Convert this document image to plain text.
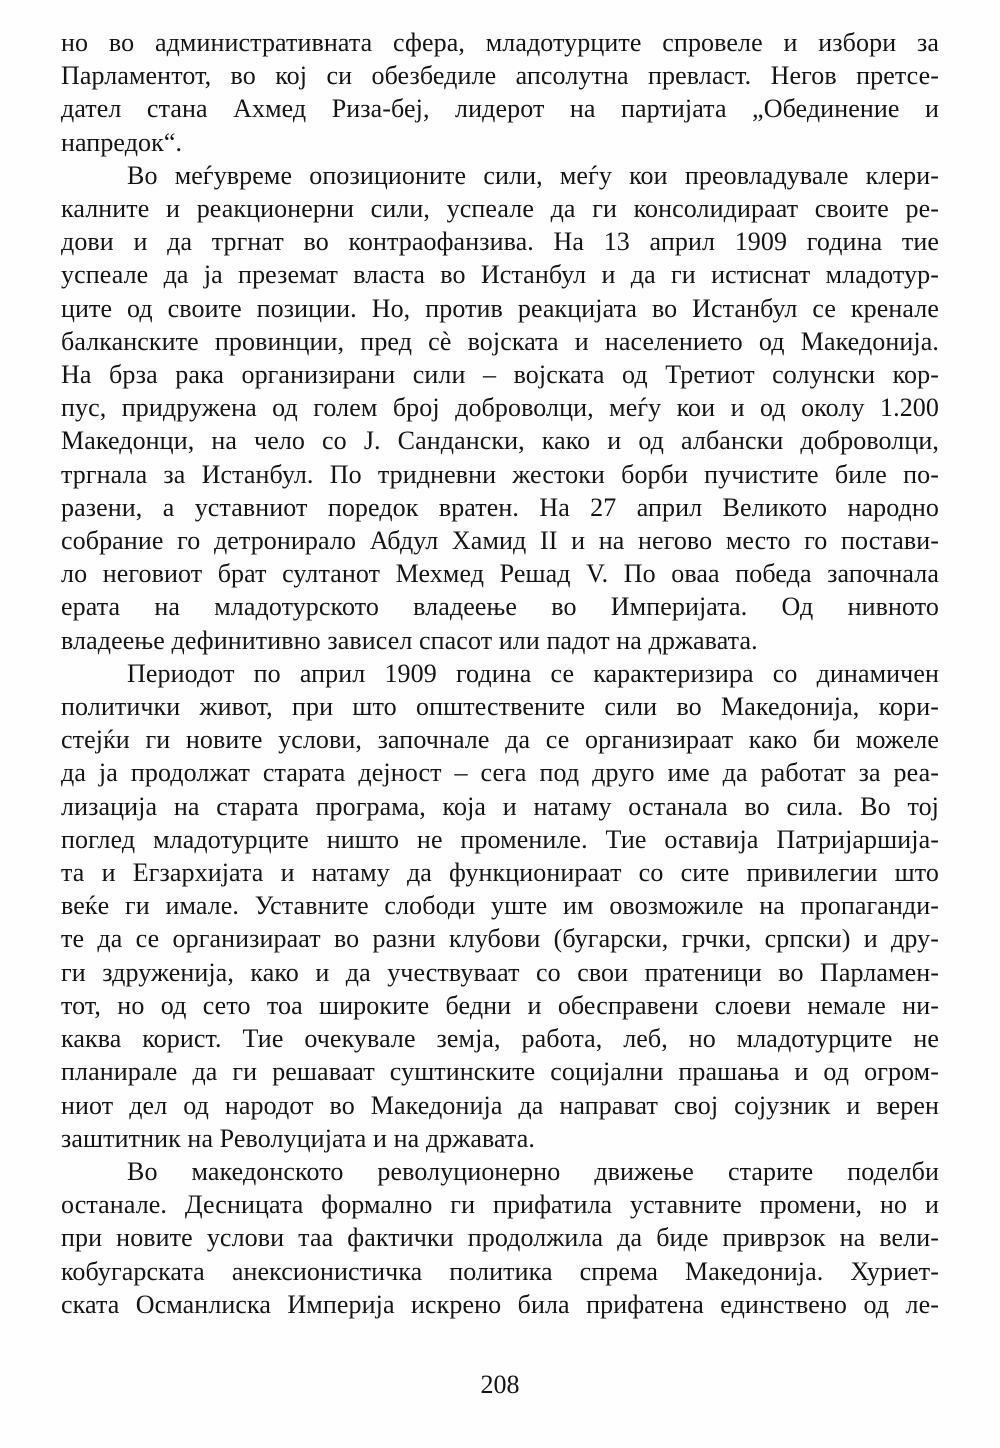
но во административната сфера, младотурците спровеле и избори за
Парламентот, во кој си обезбедиле апсолутна превласт. Негов претсе-
дател стана Ахмед Риза-беј, лидерот на партијата „Обединение и
напредок“.
Во меѓувреме опозиционите сили, меѓу кои преовладувале клери-
калните и реакционерни сили, успеале да ги консолидираат своите ре-
дови и да тргнат во контраофанзива. На 13 април 1909 година тие
успеале да ја преземат власта во Истанбул и да ги истиснат младотур-
ците од своите позиции. Но, против реакцијата во Истанбул се кренале
балканските провинции, пред сè војската и населението од Македонија.
На брза рака организирани сили – војската од Третиот солунски кор-
пус, придружена од голем број доброволци, меѓу кои и од околу 1.200
Македонци, на чело со Ј. Сандански, како и од албански доброволци,
тргнала за Истанбул. По тридневни жестоки борби пучистите биле по-
разени, а уставниот поредок вратен. На 27 април Великото народно
собрание го детронирало Абдул Хамид II и на негово место го постави-
ло неговиот брат султанот Мехмед Решад V. По оваа победа започнала
ерата на младотурското владеење во Империјата. Од нивното
владеење дефинитивно зависел спасот или падот на државата.
Периодот по април 1909 година се карактеризира со динамичен
политички живот, при што општествените сили во Македонија, кори-
стејќи ги новите услови, започнале да се организираат како би можеле
да ја продолжат старата дејност – сега под друго име да работат за реа-
лизација на старата програма, која и натаму останала во сила. Во тој
поглед младотурците ништо не промениле. Тие оставија Патријаршија-
та и Егзархијата и натаму да функционираат со сите привилегии што
веќе ги имале. Уставните слободи уште им овозможиле на пропаганди-
те да се организираат во разни клубови (бугарски, грчки, српски) и дру-
ги здруженија, како и да учествуваат со свои пратеници во Парламен-
тот, но од сето тоа широките бедни и обесправени слоеви немале ни-
каква корист. Тие очекувале земја, работа, леб, но младотурците не
планирале да ги решаваат суштинските социјални прашања и од огром-
ниот дел од народот во Македонија да направат свој сојузник и верен
заштитник на Револуцијата и на државата.
Во македонското револуционерно движење старите поделби
останале. Десницата формално ги прифатила уставните промени, но и
при новите услови таа фактички продолжила да биде приврзок на вели-
кобугарската анексионистичка политика спрема Македонија. Хуриет-
ската Османлиска Империја искрено била прифатена единствено од ле-
208
